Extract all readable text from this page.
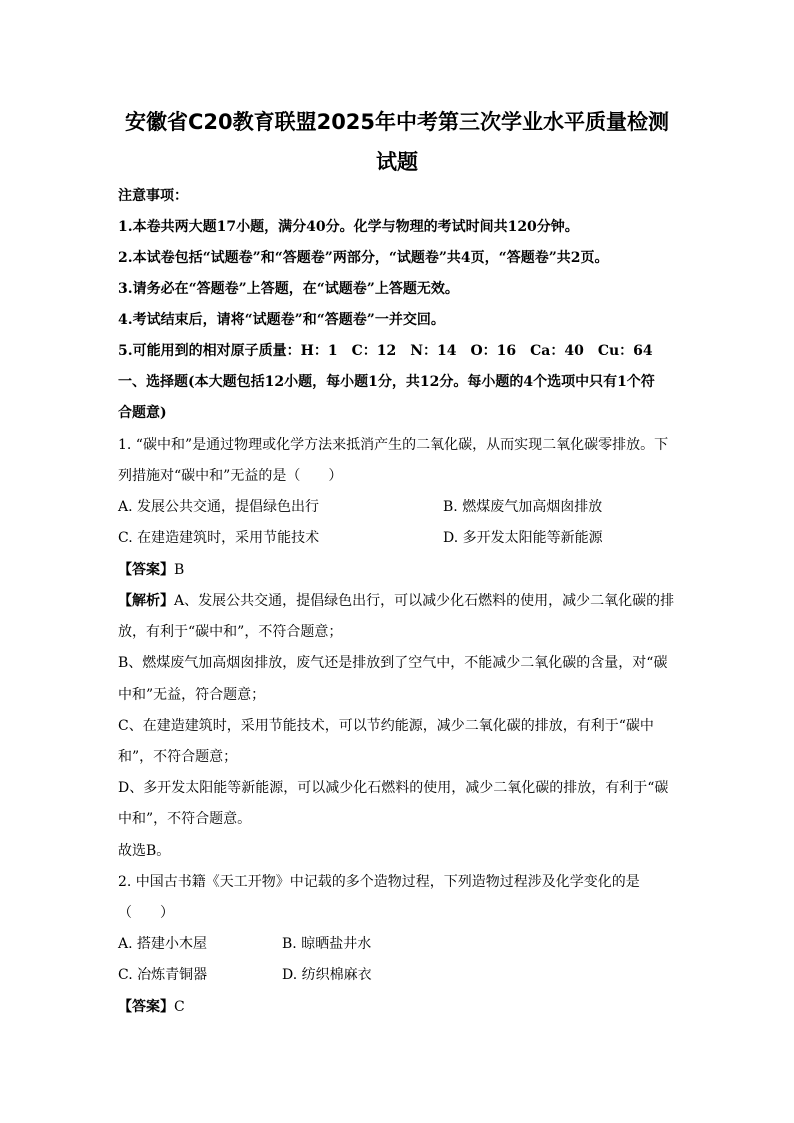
安徽省C20教育联盟2025年中考第三次学业水平质量检测
试题
注意事项：
1.本卷共两大题17小题，满分40分。化学与物理的考试时间共120分钟。
2.本试卷包括“试题卷”和“答题卷”两部分，“试题卷”共4页，“答题卷”共2页。
3.请务必在“答题卷”上答题，在“试题卷”上答题无效。
4.考试结束后，请将“试题卷”和“答题卷”一并交回。
5.可能用到的相对原子质量：H：1　C：12　N：14　O：16　Ca：40　Cu：64
一、选择题(本大题包括12小题，每小题1分，共12分。每小题的4个选项中只有1个符
合题意)
1. “碳中和”是通过物理或化学方法来抵消产生的二氧化碳，从而实现二氧化碳零排放。下
列措施对“碳中和”无益的是（　　）
A. 发展公共交通，提倡绿色出行	B. 燃煤废气加高烟囱排放
C. 在建造建筑时，采用节能技术	D. 多开发太阳能等新能源
【答案】B
【解析】A、发展公共交通，提倡绿色出行，可以减少化石燃料的使用，减少二氧化碳的排
放，有利于“碳中和”，不符合题意；
B、燃煤废气加高烟囱排放，废气还是排放到了空气中，不能减少二氧化碳的含量，对“碳
中和”无益，符合题意；
C、在建造建筑时，采用节能技术，可以节约能源，减少二氧化碳的排放，有利于“碳中
和”，不符合题意；
D、多开发太阳能等新能源，可以减少化石燃料的使用，减少二氧化碳的排放，有利于“碳
中和”，不符合题意。
故选B。
2. 中国古书籍《天工开物》中记载的多个造物过程，下列造物过程涉及化学变化的是
（　　）
A. 搭建小木屋	B. 晾晒盐井水
C. 冶炼青铜器	D. 纺织棉麻衣
【答案】C
